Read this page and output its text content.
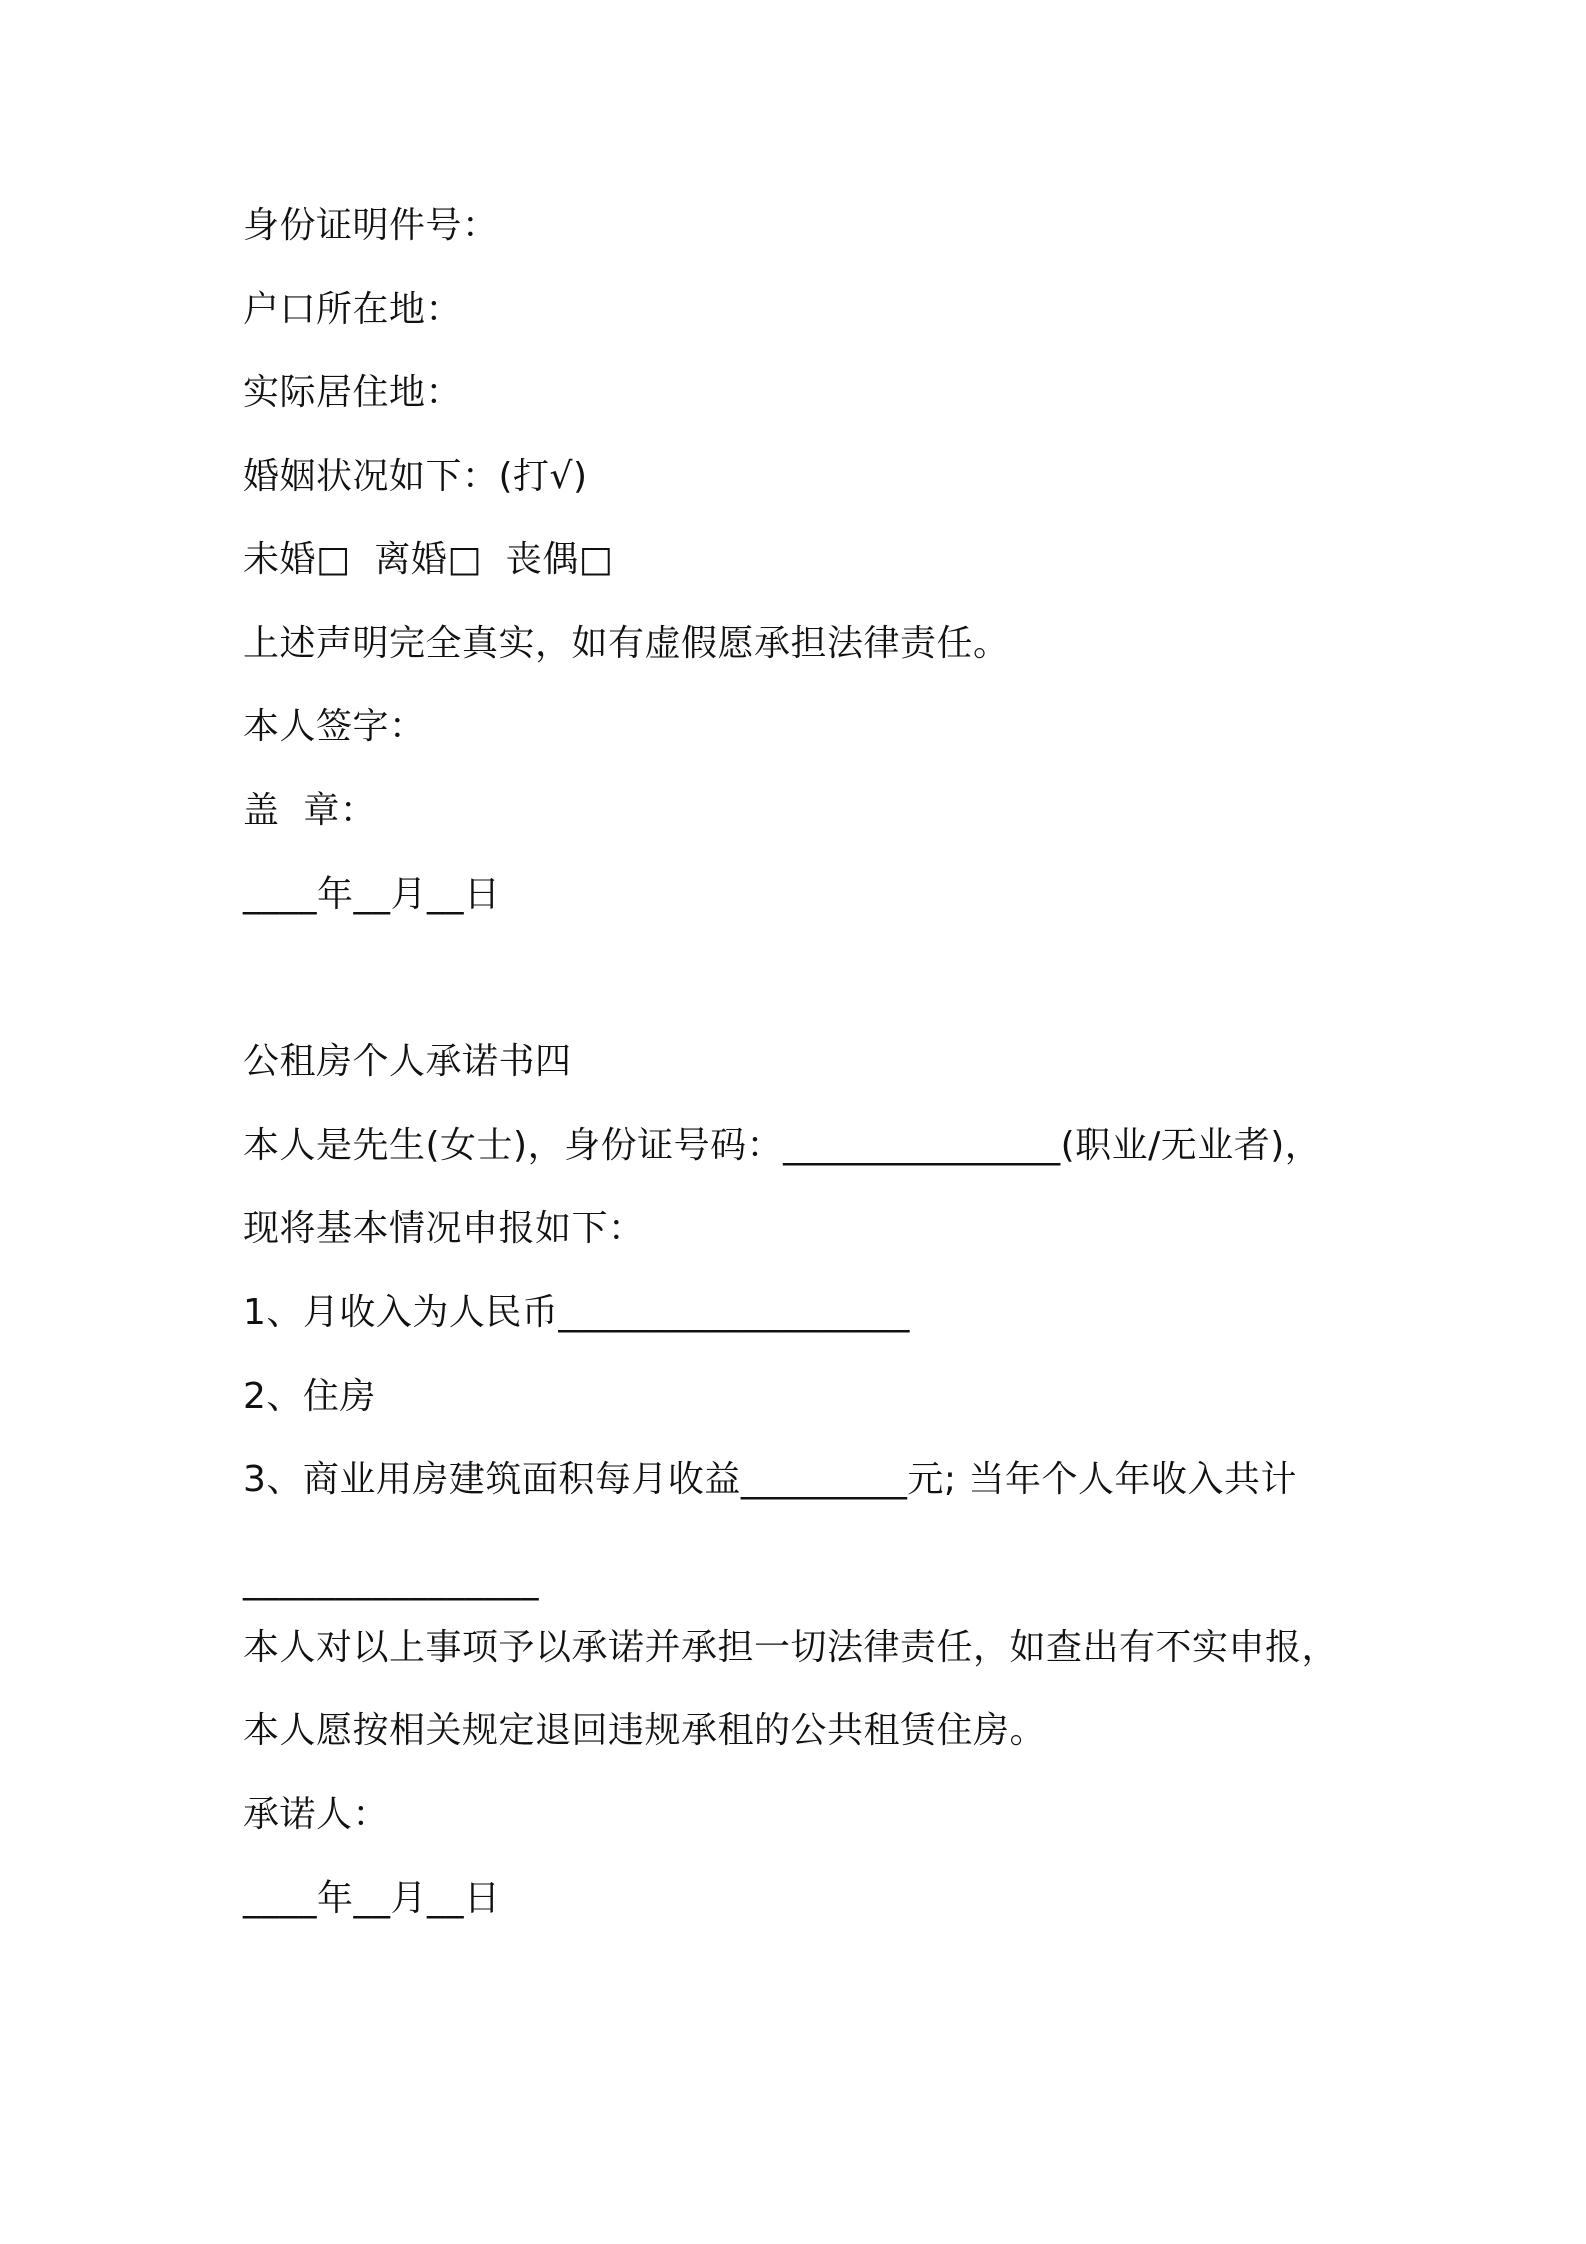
身份证明件号：
户口所在地：
实际居住地：
婚姻状况如下：(打√)
未婚□  离婚□  丧偶□
上述声明完全真实，如有虚假愿承担法律责任。
本人签字：
盖  章：
____年__月__日
公租房个人承诺书四
本人是先生(女士)，身份证号码：_______________(职业/无业者)，
现将基本情况申报如下：
1、月收入为人民币___________________
2、住房
3、商业用房建筑面积每月收益_________元; 当年个人年收入共计
________________
本人对以上事项予以承诺并承担一切法律责任，如查出有不实申报，
本人愿按相关规定退回违规承租的公共租赁住房。
承诺人：
____年__月__日
